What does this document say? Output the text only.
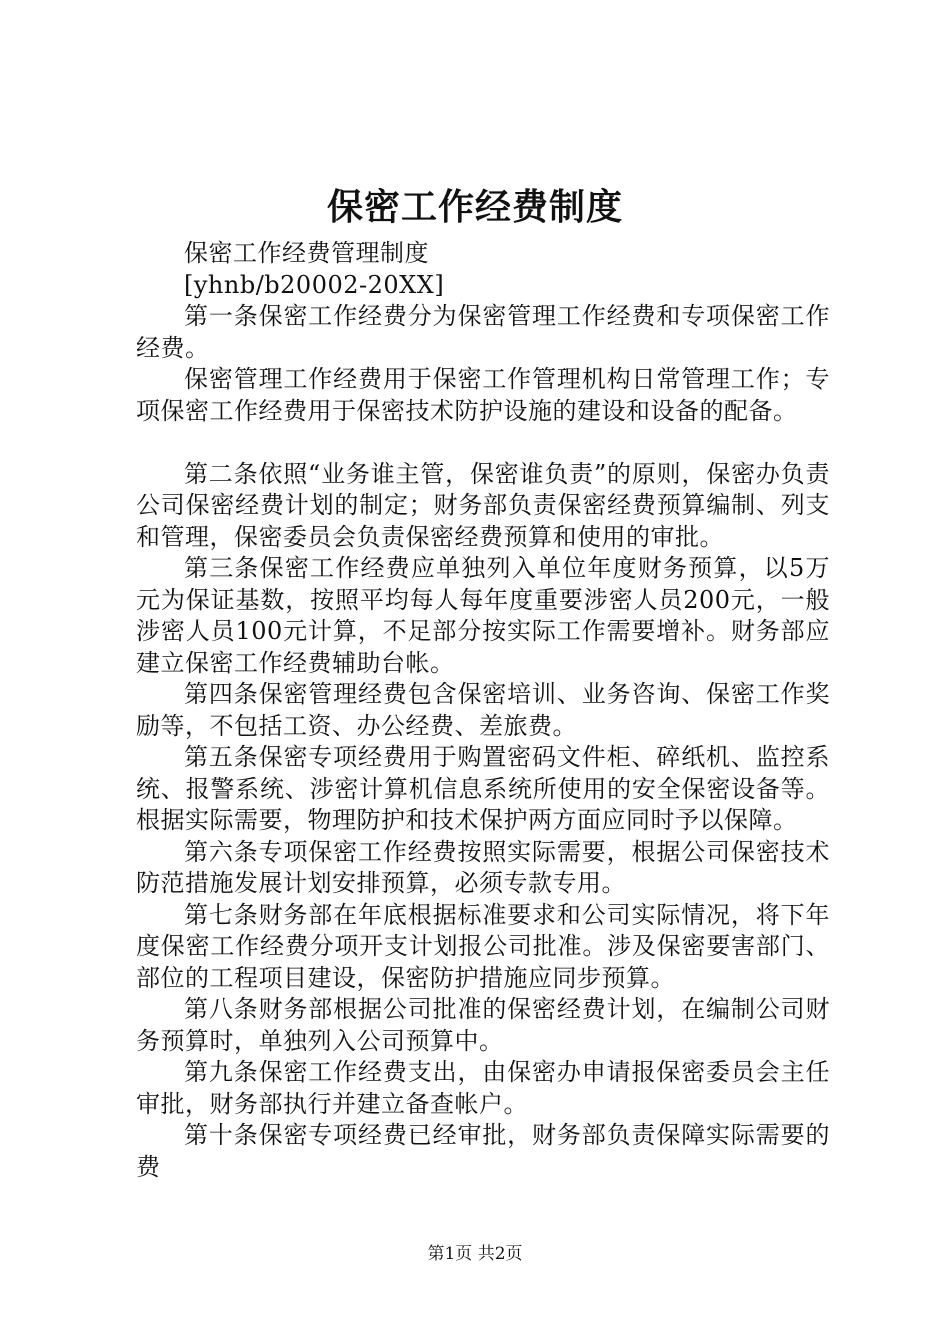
保密工作经费制度

保密工作经费管理制度

[yhnb/b20002-20XX]

第一条保密工作经费分为保密管理工作经费和专项保密工作经费。

保密管理工作经费用于保密工作管理机构日常管理工作；专项保密工作经费用于保密技术防护设施的建设和设备的配备。

第二条依照“业务谁主管，保密谁负责”的原则，保密办负责公司保密经费计划的制定；财务部负责保密经费预算编制、列支和管理，保密委员会负责保密经费预算和使用的审批。

第三条保密工作经费应单独列入单位年度财务预算，以5万元为保证基数，按照平均每人每年度重要涉密人员200元，一般涉密人员100元计算，不足部分按实际工作需要增补。财务部应建立保密工作经费辅助台帐。

第四条保密管理经费包含保密培训、业务咨询、保密工作奖励等，不包括工资、办公经费、差旅费。

第五条保密专项经费用于购置密码文件柜、碎纸机、监控系统、报警系统、涉密计算机信息系统所使用的安全保密设备等。根据实际需要，物理防护和技术保护两方面应同时予以保障。

第六条专项保密工作经费按照实际需要，根据公司保密技术防范措施发展计划安排预算，必须专款专用。

第七条财务部在年底根据标准要求和公司实际情况，将下年度保密工作经费分项开支计划报公司批准。涉及保密要害部门、部位的工程项目建设，保密防护措施应同步预算。

第八条财务部根据公司批准的保密经费计划，在编制公司财务预算时，单独列入公司预算中。

第九条保密工作经费支出，由保密办申请报保密委员会主任审批，财务部执行并建立备查帐户。

第十条保密专项经费已经审批，财务部负责保障实际需要的费

第1页 共2页
